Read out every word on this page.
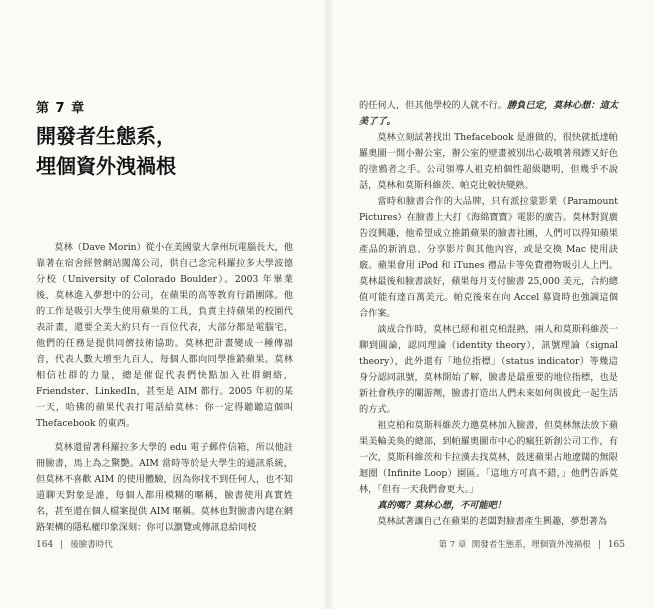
第 7 章
開發者生態系，
埋個資外洩禍根

莫林（Dave Morin）從小在美國蒙大拿州玩電腦長大，他靠著在宿舍經營網站闖蕩公司，供自己念完科羅拉多大學波德分校（University of Colorado Boulder）。2003 年畢業後，莫林進入夢想中的公司，在蘋果的高等教育行銷團隊。他的工作是吸引大學生使用蘋果的工具，負責主持蘋果的校園代表計畫，還要全美大約只有一百位代表，大部分都是電腦宅，他們的任務是提供同儕技術協助。莫林把計畫變成一種傳福音，代表人數大增至九百人，每個人都向同學推銷蘋果。莫林相信社群的力量，總是催促代表們快點加入社群網絡，Friendster、LinkedIn，甚至是 AIM 都行。2005 年初的某一天，哈佛的蘋果代表打電話給莫林：你一定得聽聽這個叫 Thefacebook 的東西。

莫林還留著科羅拉多大學的 edu 電子郵件信箱，所以他註冊臉書，馬上為之驚艷。AIM 當時等於是大學生的通訊系統，但莫林不喜歡 AIM 的使用體驗，因為你找不到任何人，也不知道聊天對象是誰，每個人都用模糊的暱稱，臉書使用真實姓名，甚至還在個人檔案提供 AIM 暱稱。莫林也對臉書內建在網路架構的隱私權印象深刻：你可以瀏覽或傳訊息給同校

164 後臉書時代

的任何人，但其他學校的人就不行。勝負已定，莫林心想：這太美了了。

莫林立刻試著找出 Thefacebook 是誰做的，很快就抵達帕羅奧圖一間小辦公室，辦公室的壁畫被別出心裁噴著飛鏢又好色的塗鴉者之手。公司領導人祖克柏個性超級聰明，但幾乎不說話，莫林和莫斯科維茨、帕克比較快變熟。

當時和臉書合作的大品牌，只有派拉蒙影業（Paramount Pictures）在臉書上大打《海綿寶寶》電影的廣告。莫林對買廣告沒興趣，他希望成立推銷蘋果的臉書社團，人們可以得知蘋果產品的新消息、分享影片與其他內容，或是交換 Mac 使用訣竅。蘋果會用 iPod 和 iTunes 禮品卡等免費禮物吸引人上門。莫林最後和臉書談好，蘋果每月支付臉書 25,000 美元，合約總值可能有達百萬美元。帕克後來在向 Accel 募資時也強調這個合作案。

談成合作時，莫林已經和祖克柏混熟，兩人和莫斯科維茨一聊到圓論，認同理論（identity theory），訊號理論（signal theory），此外還有「地位指標」（status indicator）等幾這身分認同訊號，莫林開始了解，臉書是最重要的地位指標，也是新社會秩序的闡游劑，臉書打造出人們未來如何與彼此一起生活的方式。

祖克柏和莫斯科維茨力邀莫林加入臉書，但莫林無法放下蘋果美輪美奐的總部，到帕羅奧圖市中心的瘋狂新創公司工作，有一次，莫斯科維茨和卡拉漢去找莫林，鼓迷蘋果占地遼闊的無限迴圈（Infinite Loop）園區。「這地方可真不錯，」他們告訴莫林，「但有一天我們會更大。」

真的嗎？莫林心想，不可能吧！

莫林試著讓自己在蘋果的老闆對臉書產生興趣，夢想著為

第 7 章 開發者生態系，埋個資外洩禍根 165
